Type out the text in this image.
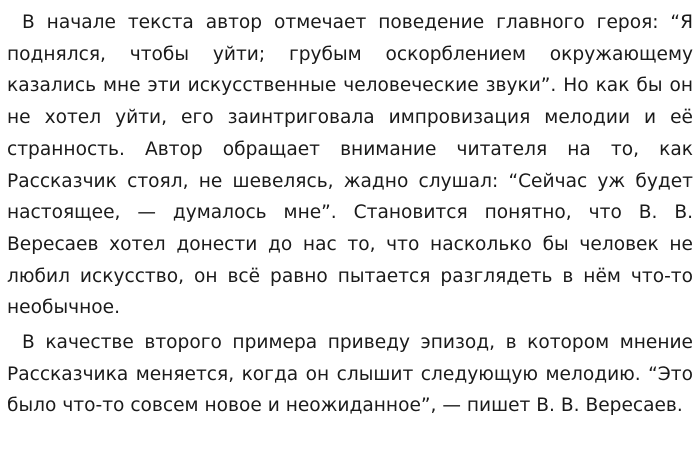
В начале текста автор отмечает поведение главного героя: “Я поднялся, чтобы уйти; грубым оскорблением окружающему казались мне эти искусственные человеческие звуки”. Но как бы он не хотел уйти, его заинтриговала импровизация мелодии и её странность. Автор обращает внимание читателя на то, как Рассказчик стоял, не шевелясь, жадно слушал: “Сейчас уж будет настоящее, — думалось мне”. Становится понятно, что В. В. Вересаев хотел донести до нас то, что насколько бы человек не любил искусство, он всё равно пытается разглядеть в нём что-то необычное.

В качестве второго примера приведу эпизод, в котором мнение Рассказчика меняется, когда он слышит следующую мелодию. “Это было что-то совсем новое и неожиданное”, — пишет В. В. Вересаев.
